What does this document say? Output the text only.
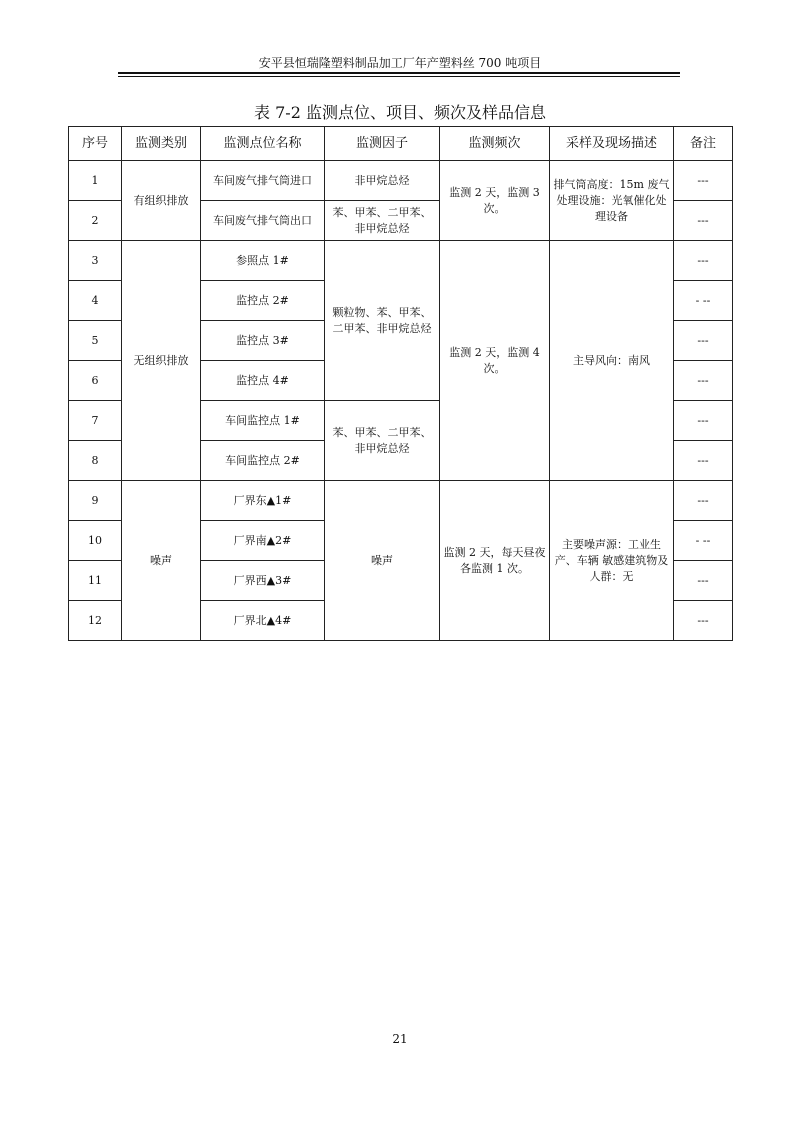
安平县恒瑞隆塑料制品加工厂年产塑料丝 700 吨项目
表 7-2 监测点位、项目、频次及样品信息
序号	监测类别	监测点位名称	监测因子	监测频次	采样及现场描述	备注
1	有组织排放	车间废气排气筒进口	非甲烷总烃	监测 2 天，监测 3 次。	排气筒高度：15m 废气处理设施：光氧催化处理设备	---
2		车间废气排气筒出口	苯、甲苯、二甲苯、非甲烷总烃			---
3	无组织排放	参照点 1#	颗粒物、苯、甲苯、二甲苯、非甲烷总烃	监测 2 天，监测 4 次。	主导风向：南风	---
4		监控点 2#				- --
5		监控点 3#				---
6		监控点 4#				---
7		车间监控点 1#	苯、甲苯、二甲苯、非甲烷总烃			---
8		车间监控点 2#				---
9	噪声	厂界东▲1#	噪声	监测 2 天，每天昼夜各监测 1 次。	主要噪声源：工业生产、车辆 敏感建筑物及人群：无	---
10		厂界南▲2#				- --
11		厂界西▲3#				---
12		厂界北▲4#				---
21
